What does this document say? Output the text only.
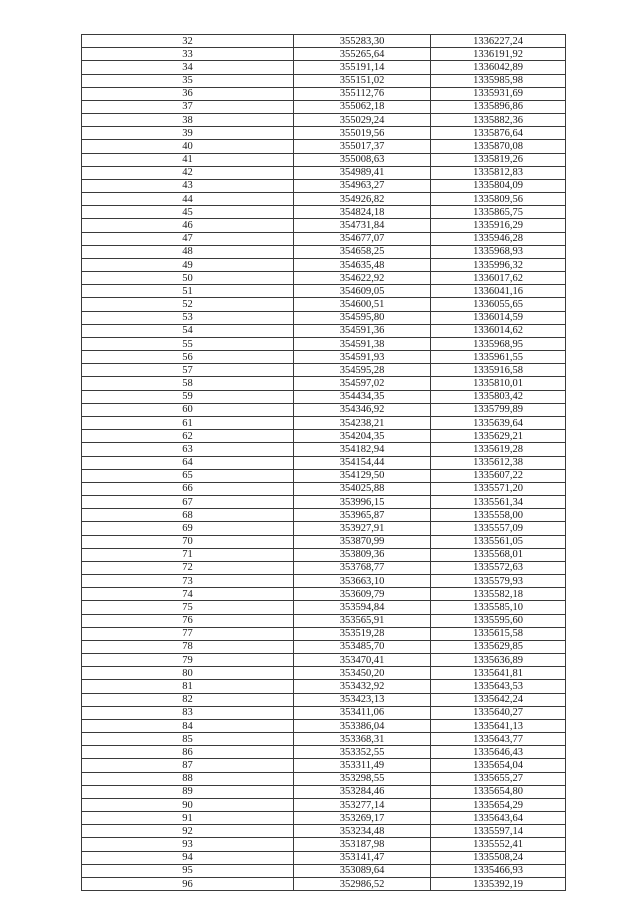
32	355283,30	1336227,24
33	355265,64	1336191,92
34	355191,14	1336042,89
35	355151,02	1335985,98
36	355112,76	1335931,69
37	355062,18	1335896,86
38	355029,24	1335882,36
39	355019,56	1335876,64
40	355017,37	1335870,08
41	355008,63	1335819,26
42	354989,41	1335812,83
43	354963,27	1335804,09
44	354926,82	1335809,56
45	354824,18	1335865,75
46	354731,84	1335916,29
47	354677,07	1335946,28
48	354658,25	1335968,93
49	354635,48	1335996,32
50	354622,92	1336017,62
51	354609,05	1336041,16
52	354600,51	1336055,65
53	354595,80	1336014,59
54	354591,36	1336014,62
55	354591,38	1335968,95
56	354591,93	1335961,55
57	354595,28	1335916,58
58	354597,02	1335810,01
59	354434,35	1335803,42
60	354346,92	1335799,89
61	354238,21	1335639,64
62	354204,35	1335629,21
63	354182,94	1335619,28
64	354154,44	1335612,38
65	354129,50	1335607,22
66	354025,88	1335571,20
67	353996,15	1335561,34
68	353965,87	1335558,00
69	353927,91	1335557,09
70	353870,99	1335561,05
71	353809,36	1335568,01
72	353768,77	1335572,63
73	353663,10	1335579,93
74	353609,79	1335582,18
75	353594,84	1335585,10
76	353565,91	1335595,60
77	353519,28	1335615,58
78	353485,70	1335629,85
79	353470,41	1335636,89
80	353450,20	1335641,81
81	353432,92	1335643,53
82	353423,13	1335642,24
83	353411,06	1335640,27
84	353386,04	1335641,13
85	353368,31	1335643,77
86	353352,55	1335646,43
87	353311,49	1335654,04
88	353298,55	1335655,27
89	353284,46	1335654,80
90	353277,14	1335654,29
91	353269,17	1335643,64
92	353234,48	1335597,14
93	353187,98	1335552,41
94	353141,47	1335508,24
95	353089,64	1335466,93
96	352986,52	1335392,19
